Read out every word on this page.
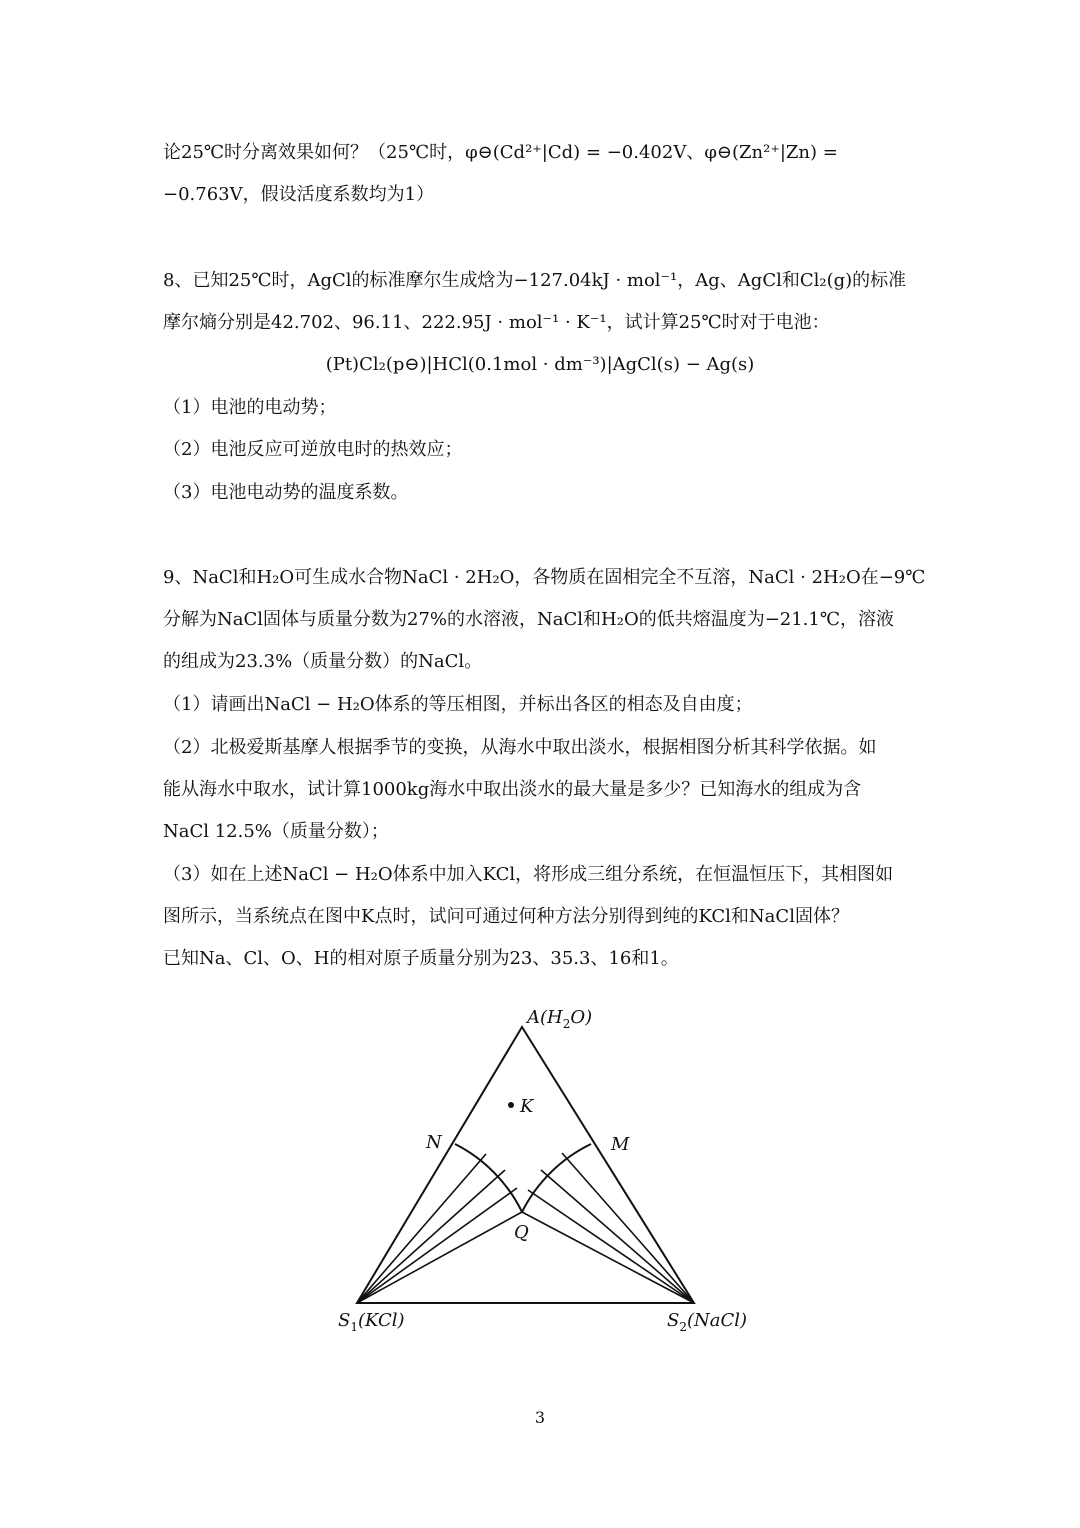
论25℃时分离效果如何？（25℃时，φ⊖(Cd²⁺|Cd) = −0.402V、φ⊖(Zn²⁺|Zn) =

−0.763V，假设活度系数均为1）

8、已知25℃时，AgCl的标准摩尔生成焓为−127.04kJ · mol⁻¹，Ag、AgCl和Cl₂(g)的标准

摩尔熵分别是42.702、96.11、222.95J · mol⁻¹ · K⁻¹，试计算25℃时对于电池：

(Pt)Cl₂(p⊖)|HCl(0.1mol · dm⁻³)|AgCl(s) − Ag(s)

（1）电池的电动势；

（2）电池反应可逆放电时的热效应；

（3）电池电动势的温度系数。

9、NaCl和H₂O可生成水合物NaCl · 2H₂O，各物质在固相完全不互溶，NaCl · 2H₂O在−9℃

分解为NaCl固体与质量分数为27%的水溶液，NaCl和H₂O的低共熔温度为−21.1℃，溶液

的组成为23.3%（质量分数）的NaCl。

（1）请画出NaCl − H₂O体系的等压相图，并标出各区的相态及自由度；

（2）北极爱斯基摩人根据季节的变换，从海水中取出淡水，根据相图分析其科学依据。如

能从海水中取水，试计算1000kg海水中取出淡水的最大量是多少？已知海水的组成为含

NaCl 12.5%（质量分数）；

（3）如在上述NaCl − H₂O体系中加入KCl，将形成三组分系统，在恒温恒压下，其相图如

图所示，当系统点在图中K点时，试问可通过何种方法分别得到纯的KCl和NaCl固体？

已知Na、Cl、O、H的相对原子质量分别为23、35.3、16和1。

$A(H_2O)$
K
N	M
Q
$S_1(KCl)$	$S_2(NaCl)$
3
